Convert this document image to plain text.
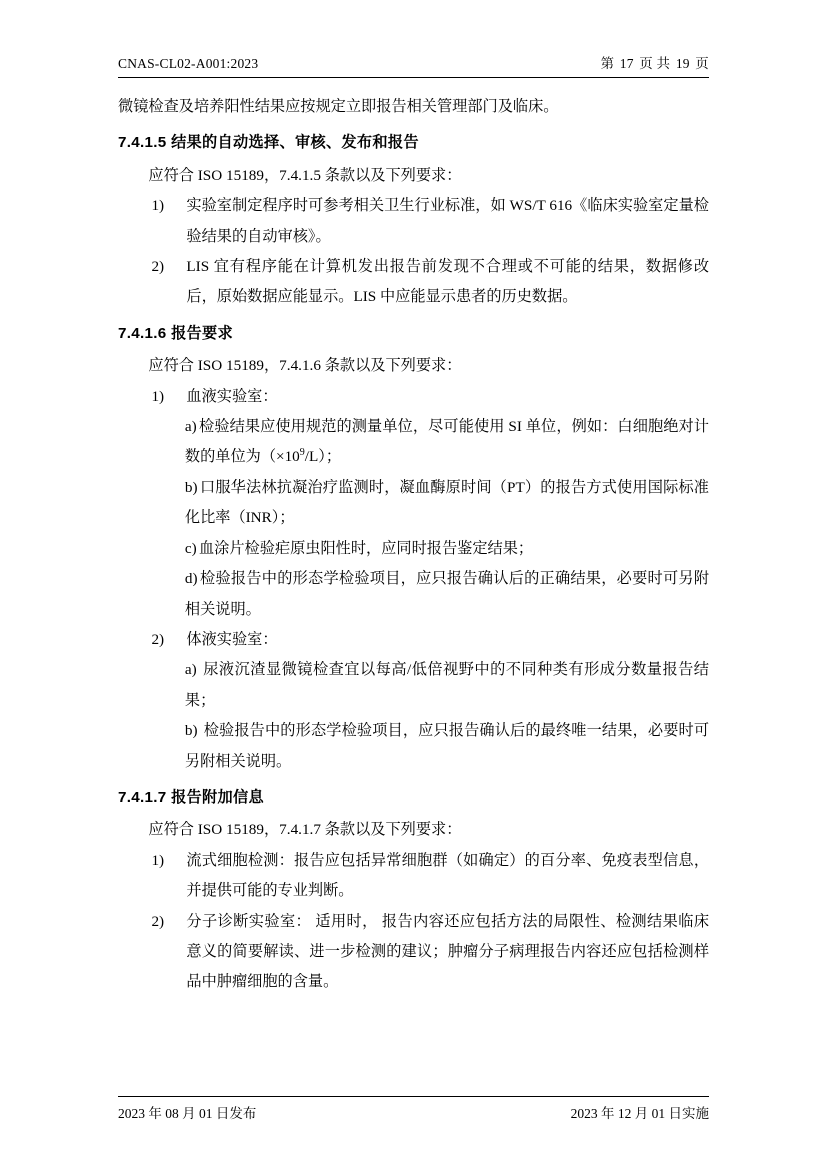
CNAS-CL02-A001:2023	第 17 页 共 19 页
微镜检查及培养阳性结果应按规定立即报告相关管理部门及临床。
7.4.1.5 结果的自动选择、审核、发布和报告
应符合 ISO 15189，7.4.1.5 条款以及下列要求：
1)	实验室制定程序时可参考相关卫生行业标准，如 WS/T 616《临床实验室定量检验结果的自动审核》。
2)	LIS 宜有程序能在计算机发出报告前发现不合理或不可能的结果，数据修改后，原始数据应能显示。LIS 中应能显示患者的历史数据。
7.4.1.6 报告要求
应符合 ISO 15189，7.4.1.6 条款以及下列要求：
1)	血液实验室：
a) 检验结果应使用规范的测量单位，尽可能使用 SI 单位，例如：白细胞绝对计数的单位为$(\times 10^9/L)$；
b) 口服华法林抗凝治疗监测时，凝血酶原时间（PT）的报告方式使用国际标准化比率（INR）；
c) 血涂片检验疟原虫阳性时，应同时报告鉴定结果；
d) 检验报告中的形态学检验项目，应只报告确认后的正确结果，必要时可另附相关说明。
2)	体液实验室：
a) 尿液沉渣显微镜检查宜以每高/低倍视野中的不同种类有形成分数量报告结果；
b) 检验报告中的形态学检验项目，应只报告确认后的最终唯一结果，必要时可另附相关说明。
7.4.1.7 报告附加信息
应符合 ISO 15189，7.4.1.7 条款以及下列要求：
1)	流式细胞检测：报告应包括异常细胞群（如确定）的百分率、免疫表型信息，并提供可能的专业判断。
2)	分子诊断实验室： 适用时， 报告内容还应包括方法的局限性、检测结果临床意义的简要解读、进一步检测的建议；肿瘤分子病理报告内容还应包括检测样品中肿瘤细胞的含量。
2023 年 08 月 01 日发布	2023 年 12 月 01 日实施
